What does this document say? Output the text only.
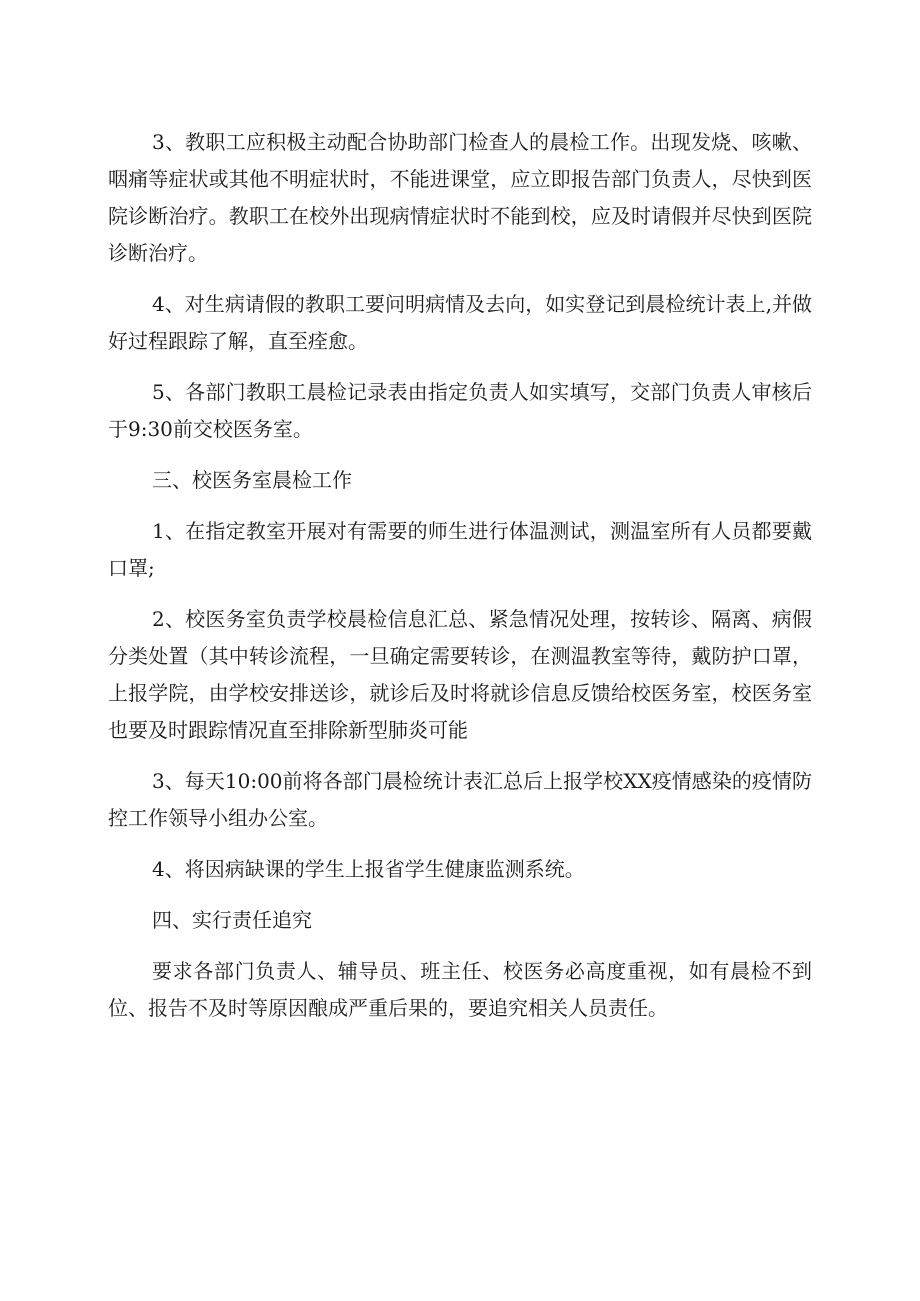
3、教职工应积极主动配合协助部门检查人的晨检工作。出现发烧、咳嗽、咽痛等症状或其他不明症状时，不能进课堂，应立即报告部门负责人，尽快到医院诊断治疗。教职工在校外出现病情症状时不能到校，应及时请假并尽快到医院诊断治疗。

4、对生病请假的教职工要问明病情及去向，如实登记到晨检统计表上,并做好过程跟踪了解，直至痊愈。

5、各部门教职工晨检记录表由指定负责人如实填写，交部门负责人审核后于9:30前交校医务室。

三、校医务室晨检工作

1、在指定教室开展对有需要的师生进行体温测试，测温室所有人员都要戴口罩;

2、校医务室负责学校晨检信息汇总、紧急情况处理，按转诊、隔离、病假分类处置（其中转诊流程，一旦确定需要转诊，在测温教室等待，戴防护口罩，上报学院，由学校安排送诊，就诊后及时将就诊信息反馈给校医务室，校医务室也要及时跟踪情况直至排除新型肺炎可能

3、每天10:00前将各部门晨检统计表汇总后上报学校XX疫情感染的疫情防控工作领导小组办公室。

4、将因病缺课的学生上报省学生健康监测系统。

四、实行责任追究

要求各部门负责人、辅导员、班主任、校医务必高度重视，如有晨检不到位、报告不及时等原因酿成严重后果的，要追究相关人员责任。
